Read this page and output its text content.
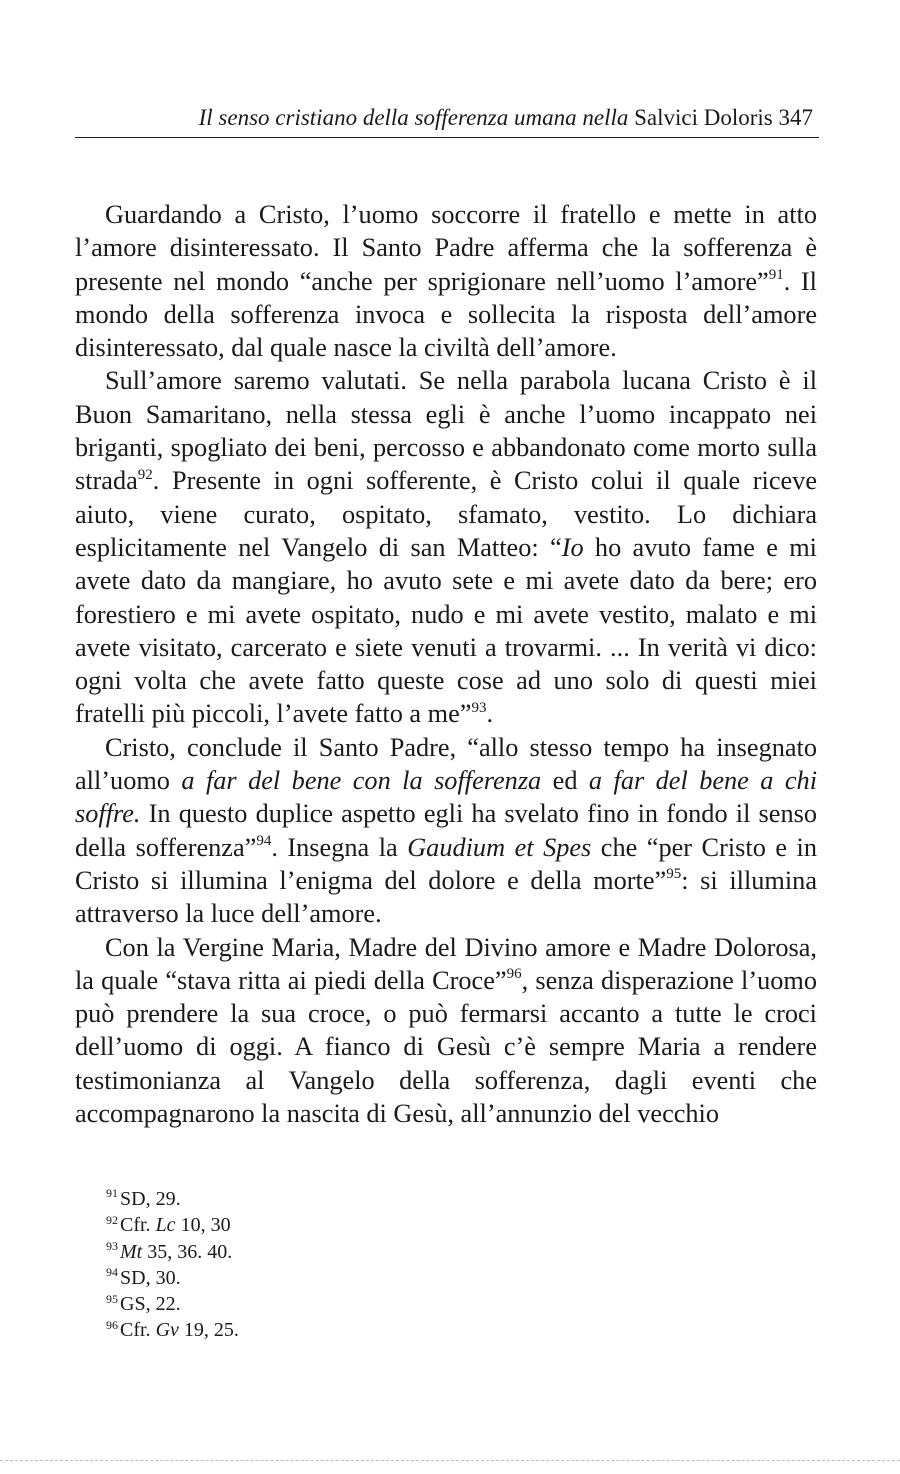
Il senso cristiano della sofferenza umana nella Salvici Doloris 347

Guardando a Cristo, l’uomo soccorre il fratello e mette in atto l’amore disinteressato. Il Santo Padre afferma che la sofferenza è presente nel mondo “anche per sprigionare nell’uomo l’amore”$^{91}$. Il mondo della sofferenza invoca e sollecita la risposta dell’amore disinteressato, dal quale nasce la civiltà dell’amore.

Sull’amore saremo valutati. Se nella parabola lucana Cristo è il Buon Samaritano, nella stessa egli è anche l’uomo incappato nei briganti, spogliato dei beni, percosso e abbandonato come morto sulla strada$^{92}$. Presente in ogni sofferente, è Cristo colui il quale riceve aiuto, viene curato, ospitato, sfamato, vestito. Lo dichiara esplicitamente nel Vangelo di san Matteo: “Io ho avuto fame e mi avete dato da mangiare, ho avuto sete e mi avete dato da bere; ero forestiero e mi avete ospitato, nudo e mi avete vestito, malato e mi avete visitato, carcerato e siete venuti a trovarmi. ... In verità vi dico: ogni volta che avete fatto queste cose ad uno solo di questi miei fratelli più piccoli, l’avete fatto a me”$^{93}$.

Cristo, conclude il Santo Padre, “allo stesso tempo ha insegnato all’uomo a far del bene con la sofferenza ed a far del bene a chi soffre. In questo duplice aspetto egli ha svelato fino in fondo il senso della sofferenza”$^{94}$. Insegna la Gaudium et Spes che “per Cristo e in Cristo si illumina l’enigma del dolore e della morte”$^{95}$: si illumina attraverso la luce dell’amore.

Con la Vergine Maria, Madre del Divino amore e Madre Dolorosa, la quale “stava ritta ai piedi della Croce”$^{96}$, senza disperazione l’uomo può prendere la sua croce, o può fermarsi accanto a tutte le croci dell’uomo di oggi. A fianco di Gesù c’è sempre Maria a rendere testimonianza al Vangelo della sofferenza, dagli eventi che accompagnarono la nascita di Gesù, all’annunzio del vecchio

$^{91}$ SD, 29.
$^{92}$ Cfr. Lc 10, 30
$^{93}$ Mt 35, 36. 40.
$^{94}$ SD, 30.
$^{95}$ GS, 22.
$^{96}$ Cfr. Gv 19, 25.
